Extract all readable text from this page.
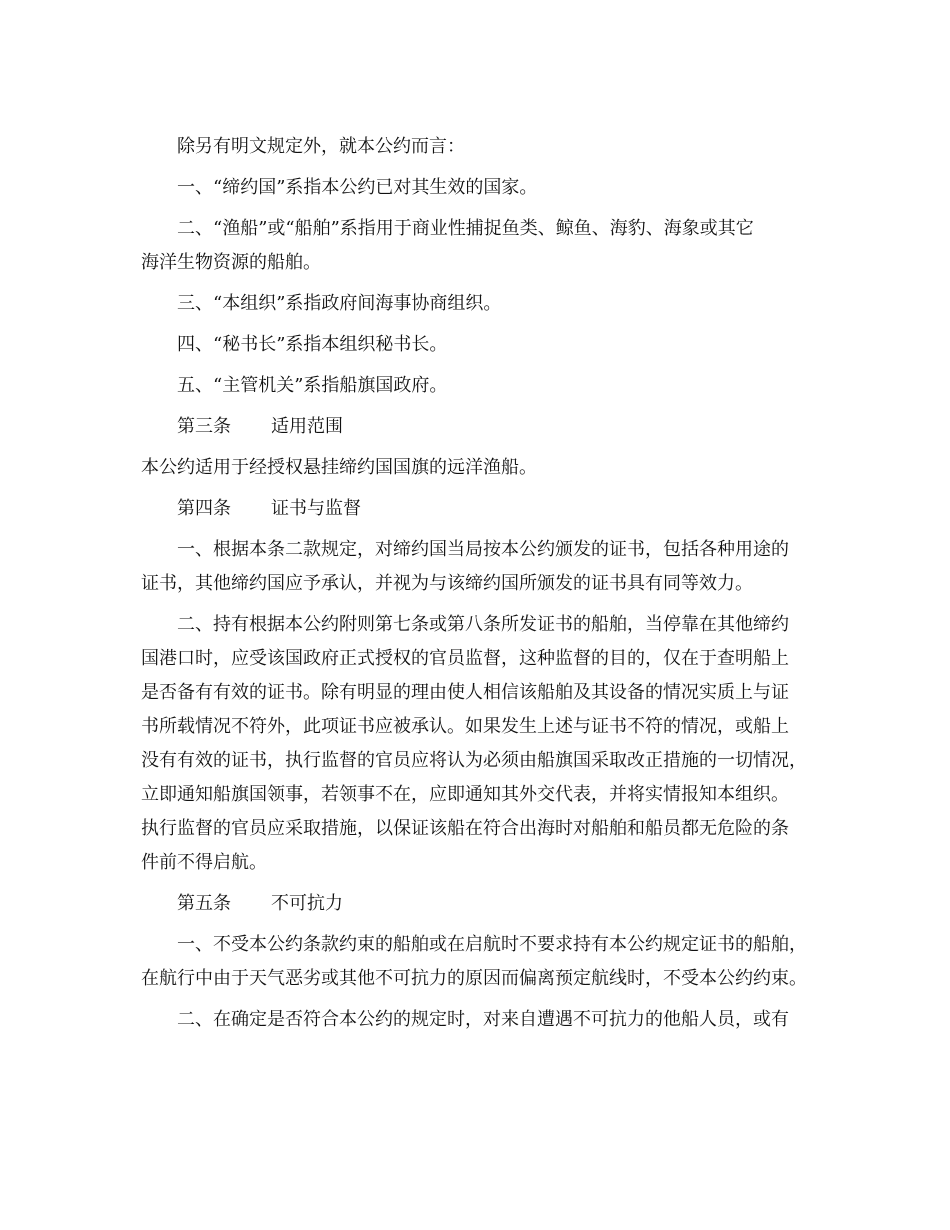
除另有明文规定外，就本公约而言：
一、“缔约国”系指本公约已对其生效的国家。
二、“渔船”或“船舶”系指用于商业性捕捉鱼类、鲸鱼、海豹、海象或其它
海洋生物资源的船舶。
三、“本组织”系指政府间海事协商组织。
四、“秘书长”系指本组织秘书长。
五、“主管机关”系指船旗国政府。
第三条 适用范围
本公约适用于经授权悬挂缔约国国旗的远洋渔船。
第四条 证书与监督
一、根据本条二款规定，对缔约国当局按本公约颁发的证书，包括各种用途的
证书，其他缔约国应予承认，并视为与该缔约国所颁发的证书具有同等效力。
二、持有根据本公约附则第七条或第八条所发证书的船舶，当停靠在其他缔约
国港口时，应受该国政府正式授权的官员监督，这种监督的目的，仅在于查明船上
是否备有有效的证书。除有明显的理由使人相信该船舶及其设备的情况实质上与证
书所载情况不符外，此项证书应被承认。如果发生上述与证书不符的情况，或船上
没有有效的证书，执行监督的官员应将认为必须由船旗国采取改正措施的一切情况，
立即通知船旗国领事，若领事不在，应即通知其外交代表，并将实情报知本组织。
执行监督的官员应采取措施，以保证该船在符合出海时对船舶和船员都无危险的条
件前不得启航。
第五条 不可抗力
一、不受本公约条款约束的船舶或在启航时不要求持有本公约规定证书的船舶，
在航行中由于天气恶劣或其他不可抗力的原因而偏离预定航线时，不受本公约约束。
二、在确定是否符合本公约的规定时，对来自遭遇不可抗力的他船人员，或有
